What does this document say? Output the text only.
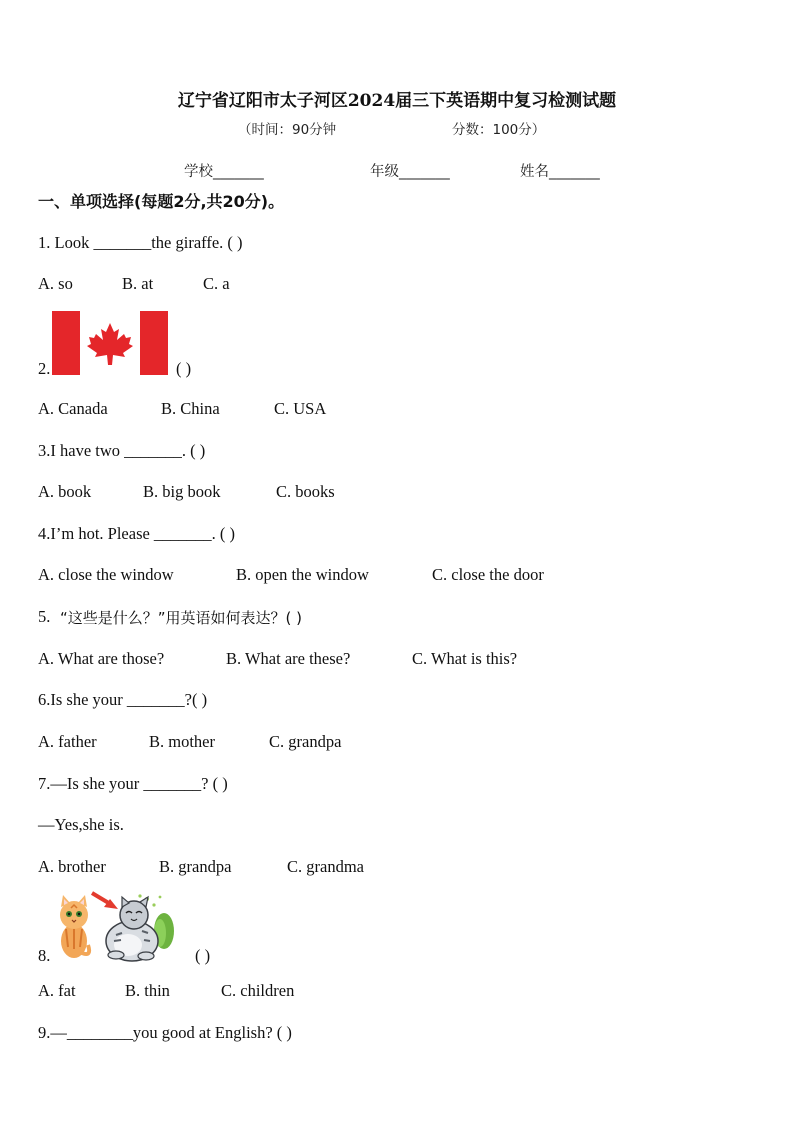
辽宁省辽阳市太子河区2024届三下英语期中复习检测试题
（时间：90分钟	分数：100分）
学校_______	年级_______	姓名_______
一、单项选择(每题2分,共20分)。
1. Look _______the giraffe. ( )
A. so	B. at	C. a
2.	( )
A. Canada	B. China	C. USA
3.I have two _______. ( )
A. book	B. big book	C. books
4.I’m hot. Please _______. ( )
A. close the window	B. open the window	C. close the door
5. “这些是什么？”用英语如何表达？( )
A. What are those?	B. What are these?	C. What is this?
6.Is she your _______?( )
A. father	B. mother	C. grandpa
7.—Is she your _______? ( )
—Yes,she is.
A. brother	B. grandpa	C. grandma
8.	( )
A. fat	B. thin	C. children
9.—________you good at English? ( )
